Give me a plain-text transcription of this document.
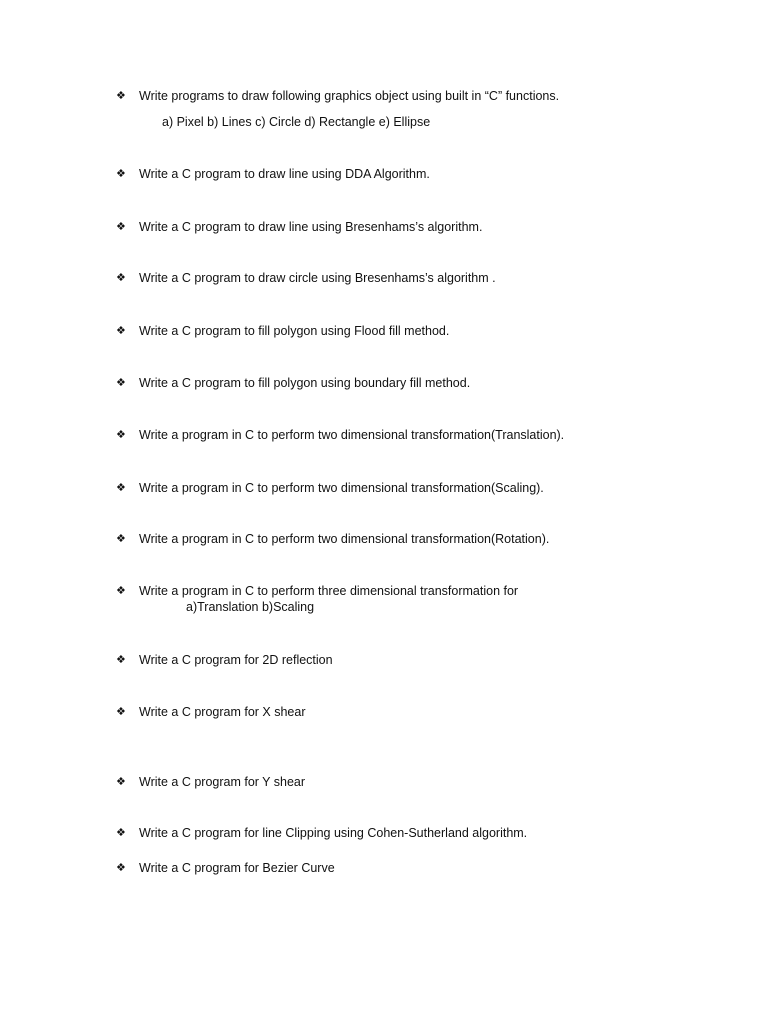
❖	Write programs to draw following graphics object using built in “C” functions.
a) Pixel b) Lines c) Circle d) Rectangle e) Ellipse
❖	Write a C program to draw line using DDA Algorithm.
❖	Write a C program to draw line using Bresenhams’s algorithm.
❖	Write a C program to draw circle using Bresenhams’s algorithm .
❖	Write a C program to fill polygon using Flood fill method.
❖	Write a C program to fill polygon using boundary fill method.
❖	Write a program in C to perform two dimensional transformation(Translation).
❖	Write a program in C to perform two dimensional transformation(Scaling).
❖	Write a program in C to perform two dimensional transformation(Rotation).
❖	Write a program in C to perform three dimensional transformation for
a)Translation b)Scaling
❖	Write a C program for 2D reflection
❖	Write a C program for X shear
❖	Write a C program for Y shear
❖	Write a C program for line Clipping using Cohen-Sutherland algorithm.
❖	Write a C program for Bezier Curve
